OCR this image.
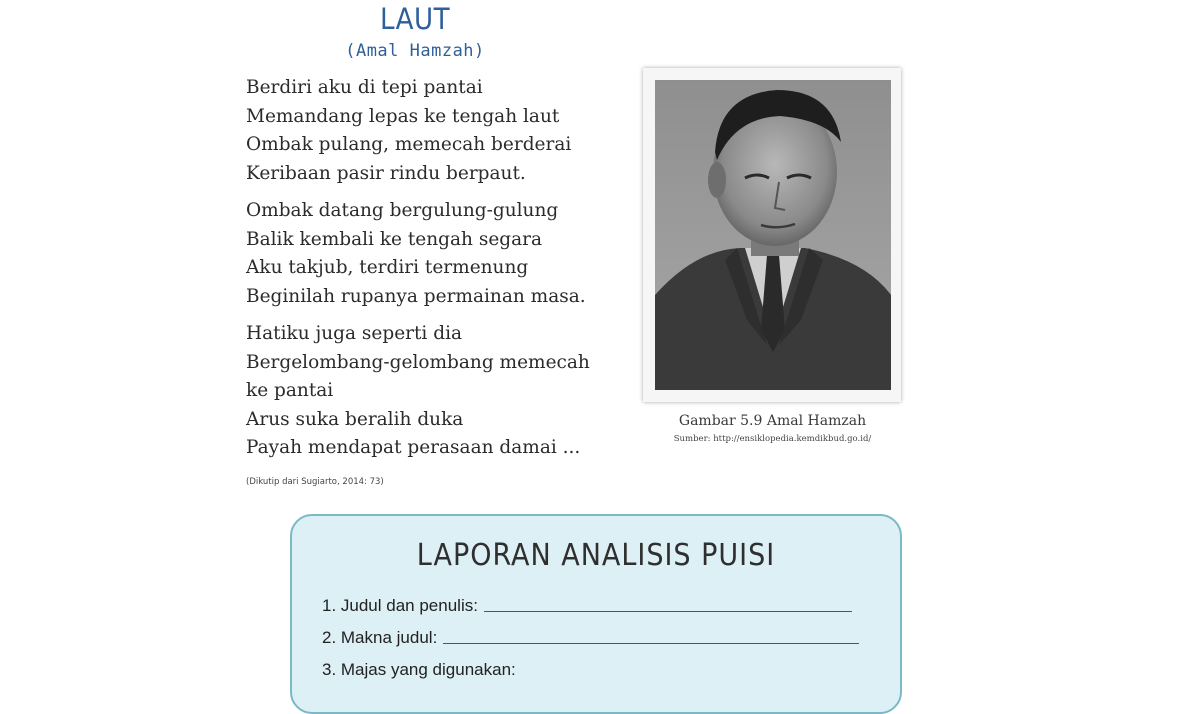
LAUT
(Amal Hamzah)
Berdiri aku di tepi pantai
Memandang lepas ke tengah laut
Ombak pulang, memecah berderai
Keribaan pasir rindu berpaut.
Ombak datang bergulung-gulung
Balik kembali ke tengah segara
Aku takjub, terdiri termenung
Beginilah rupanya permainan masa.
Hatiku juga seperti dia
Bergelombang-gelombang memecah
ke pantai
Arus suka beralih duka
Payah mendapat perasaan damai ...
(Dikutip dari Sugiarto, 2014: 73)
Gambar 5.9 Amal Hamzah
Sumber: http://ensiklopedia.kemdikbud.go.id/
LAPORAN ANALISIS PUISI
1. Judul dan penulis:
2. Makna judul:
3. Majas yang digunakan:
